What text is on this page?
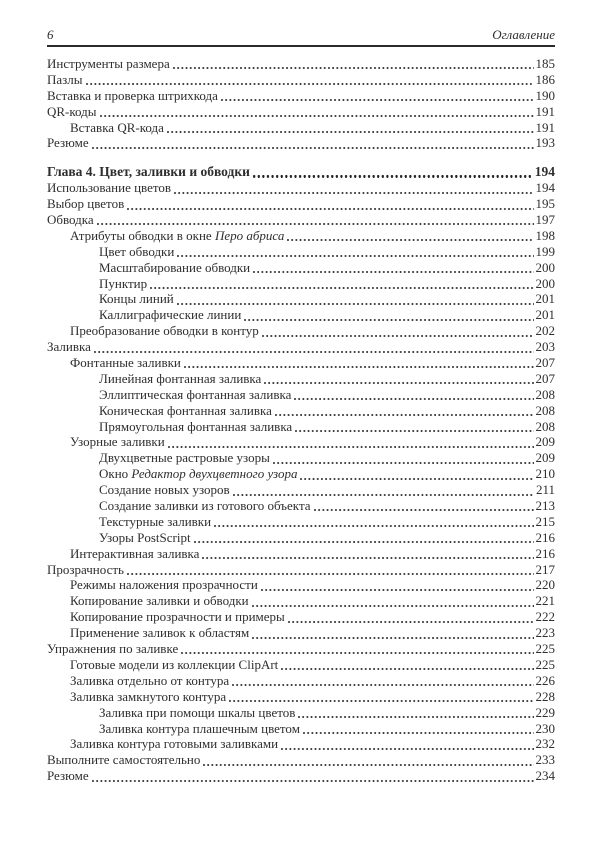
6	Оглавление
Инструменты размера	185
Пазлы	186
Вставка и проверка штрихкода	190
QR-коды	191
Вставка QR-кода	191
Резюме	193
Глава 4. Цвет, заливки и обводки	194
Использование цветов	194
Выбор цветов	195
Обводка	197
Атрибуты обводки в окне Перо абриса	198
Цвет обводки	199
Масштабирование обводки	200
Пунктир	200
Концы линий	201
Каллиграфические линии	201
Преобразование обводки в контур	202
Заливка	203
Фонтанные заливки	207
Линейная фонтанная заливка	207
Эллиптическая фонтанная заливка	208
Коническая фонтанная заливка	208
Прямоугольная фонтанная заливка	208
Узорные заливки	209
Двухцветные растровые узоры	209
Окно Редактор двухцветного узора	210
Создание новых узоров	211
Создание заливки из готового объекта	213
Текстурные заливки	215
Узоры PostScript	216
Интерактивная заливка	216
Прозрачность	217
Режимы наложения прозрачности	220
Копирование заливки и обводки	221
Копирование прозрачности и примеры	222
Применение заливок к областям	223
Упражнения по заливке	225
Готовые модели из коллекции ClipArt	225
Заливка отдельно от контура	226
Заливка замкнутого контура	228
Заливка при помощи шкалы цветов	229
Заливка контура плашечным цветом	230
Заливка контура готовыми заливками	232
Выполните самостоятельно	233
Резюме	234
